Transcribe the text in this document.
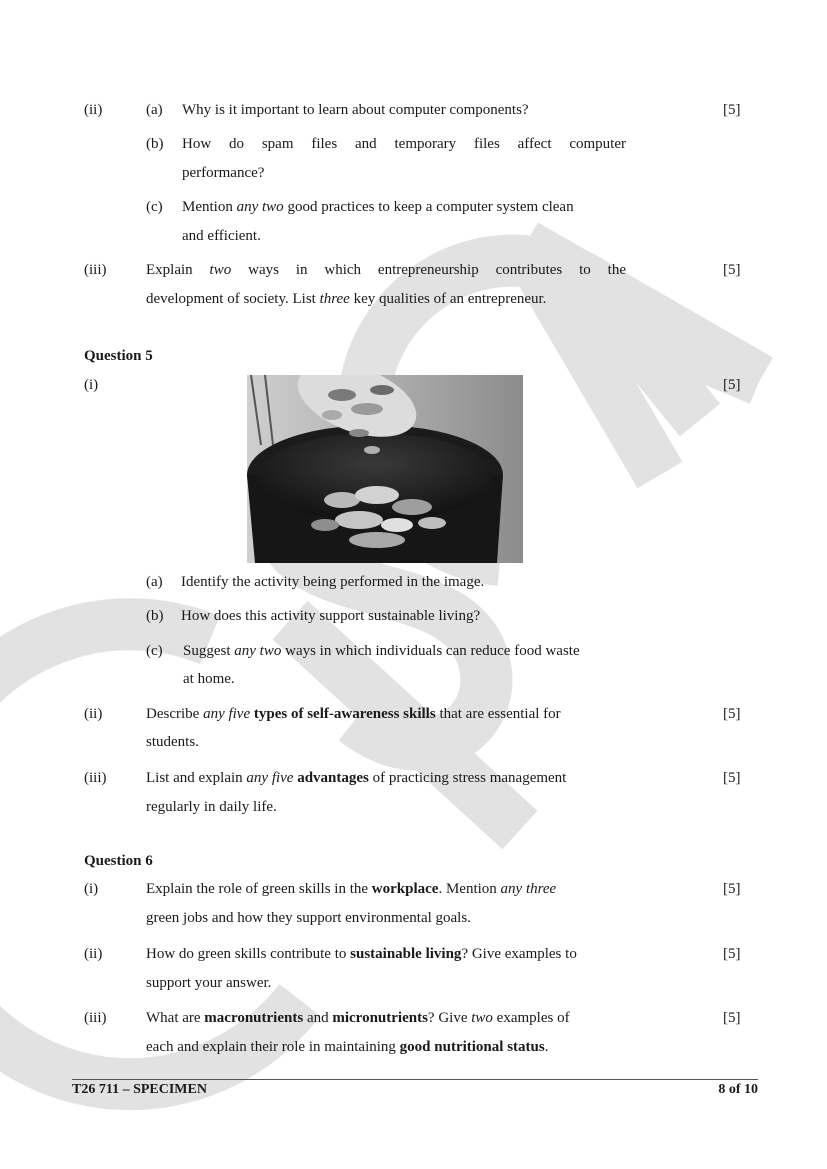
(ii)	(a) Why is it important to learn about computer components?	[5]
(b) How do spam files and temporary files affect computer
performance?
(c) Mention any two good practices to keep a computer system clean
and efficient.
(iii)	Explain two ways in which entrepreneurship contributes to the	[5]
development of society. List three key qualities of an entrepreneur.
Question 5
(i)	[5]
(a) Identify the activity being performed in the image.
(b) How does this activity support sustainable living?
(c) Suggest any two ways in which individuals can reduce food waste
at home.
(ii)	Describe any five types of self-awareness skills that are essential for	[5]
students.
(iii)	List and explain any five advantages of practicing stress management	[5]
regularly in daily life.
Question 6
(i)	Explain the role of green skills in the workplace. Mention any three	[5]
green jobs and how they support environmental goals.
(ii)	How do green skills contribute to sustainable living? Give examples to	[5]
support your answer.
(iii)	What are macronutrients and micronutrients? Give two examples of	[5]
each and explain their role in maintaining good nutritional status.
T26 711 – SPECIMEN	8 of 10
